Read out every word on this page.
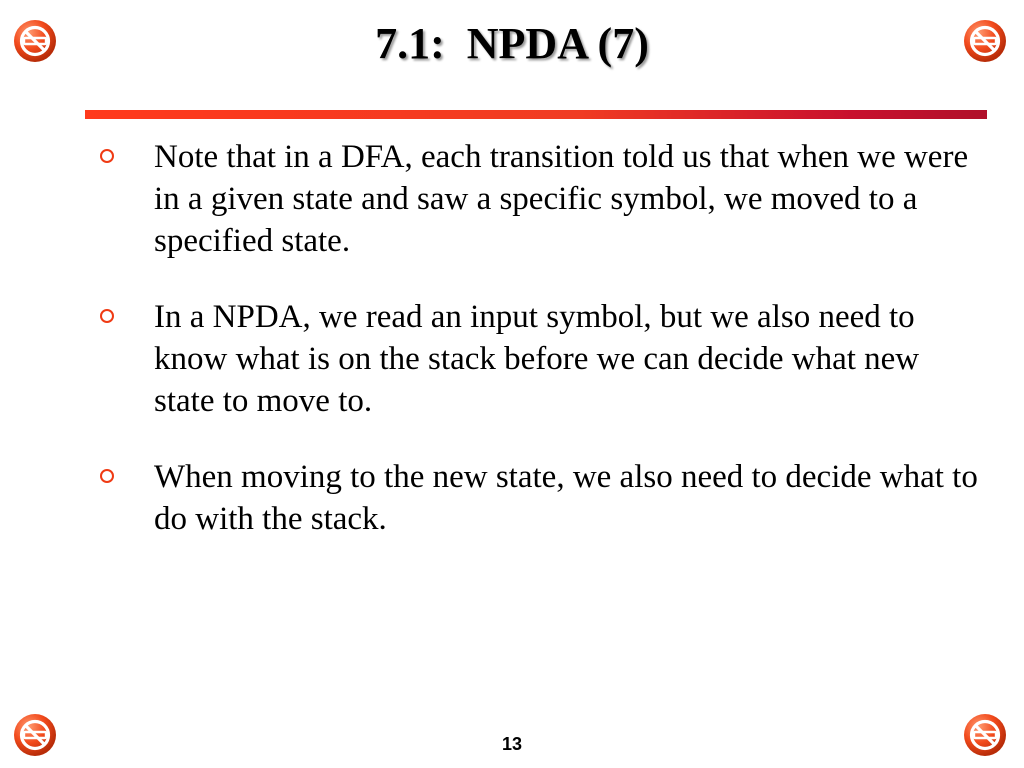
7.1:  NPDA (7)
Note that in a DFA, each transition told us that when we were in a given state and saw a specific symbol, we moved to a specified state.
In a NPDA, we read an input symbol, but we also need to know what is on the stack before we can decide what new state to move to.
When moving to the new state, we also need to decide what to do with the stack.
13
